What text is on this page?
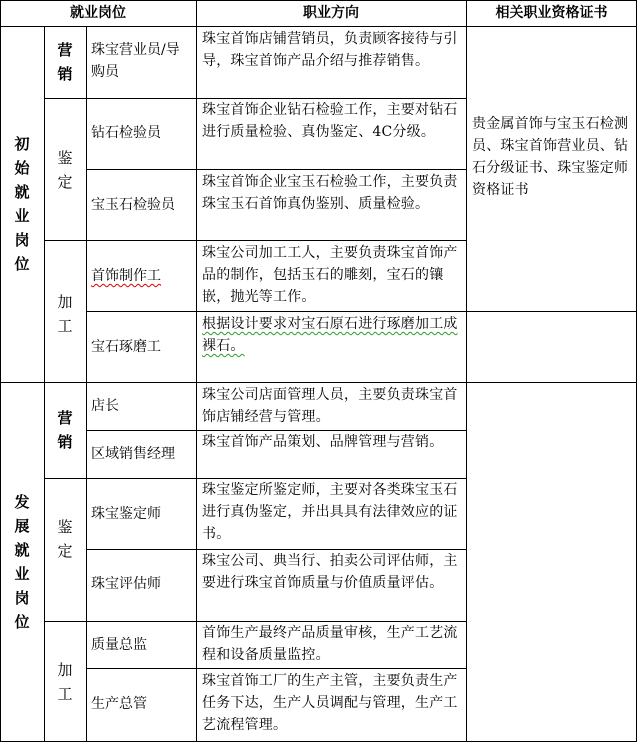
就业岗位	职业方向	相关职业资格证书
初始就业岗位
发展就业岗位
营销
鉴定
加工
营销
鉴定
加工
珠宝营业员/导购员
钻石检验员
宝玉石检验员
首饰制作工
宝石琢磨工
店长
区域销售经理
珠宝鉴定师
珠宝评估师
质量总监
生产总管
珠宝首饰店铺营销员，负责顾客接待与引导，珠宝首饰产品介绍与推荐销售。
珠宝首饰企业钻石检验工作，主要对钻石进行质量检验、真伪鉴定、4C分级。
珠宝首饰企业宝玉石检验工作，主要负责珠宝玉石首饰真伪鉴别、质量检验。
珠宝公司加工工人，主要负责珠宝首饰产品的制作，包括玉石的雕刻，宝石的镶嵌，抛光等工作。
根据设计要求对宝石原石进行琢磨加工成裸石。
珠宝公司店面管理人员，主要负责珠宝首饰店铺经营与管理。
珠宝首饰产品策划、品牌管理与营销。
珠宝鉴定所鉴定师，主要对各类珠宝玉石进行真伪鉴定，并出具具有法律效应的证书。
珠宝公司、典当行、拍卖公司评估师，主要进行珠宝首饰质量与价值质量评估。
首饰生产最终产品质量审核，生产工艺流程和设备质量监控。
珠宝首饰工厂的生产主管，主要负责生产任务下达，生产人员调配与管理，生产工艺流程管理。
贵金属首饰与宝玉石检测员、珠宝首饰营业员、钻石分级证书、珠宝鉴定师资格证书
